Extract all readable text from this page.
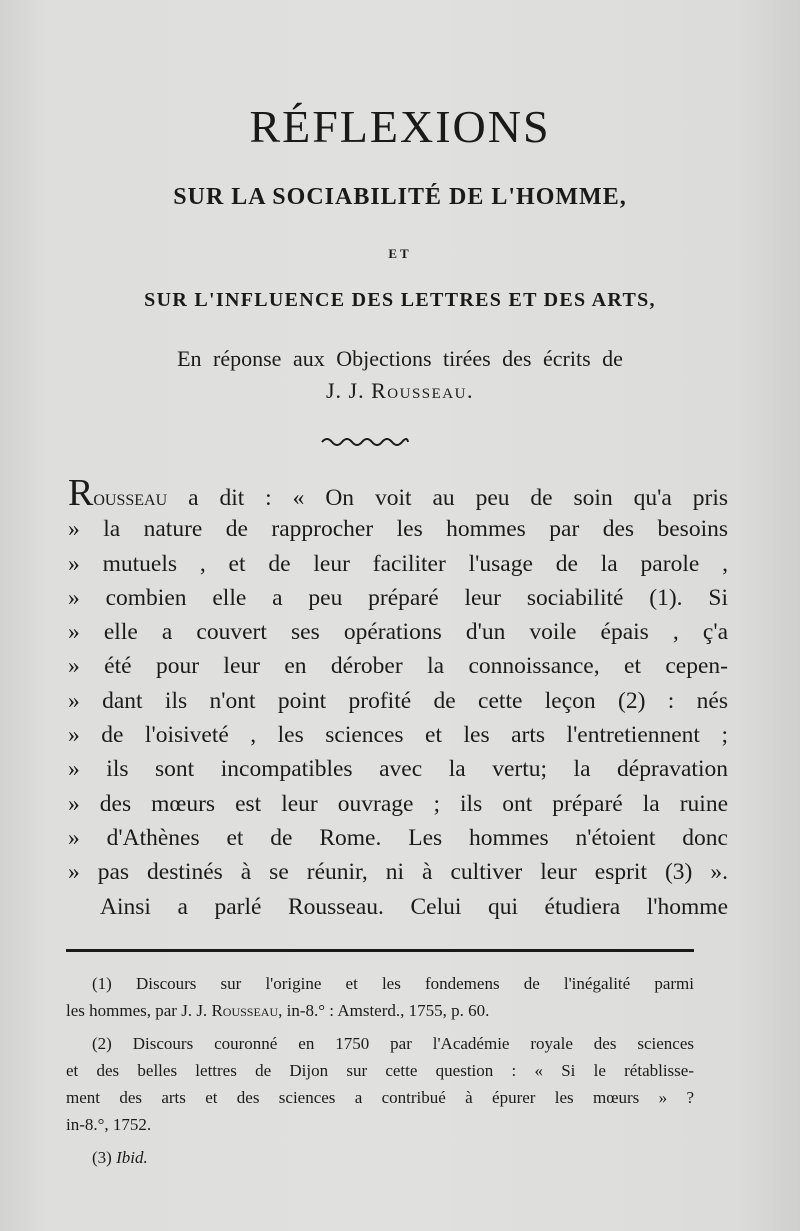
RÉFLEXIONS
SUR LA SOCIABILITÉ DE L'HOMME,
ET
SUR L'INFLUENCE DES LETTRES ET DES ARTS,
En réponse aux Objections tirées des écrits de
J. J. Rousseau.
Rousseau a dit : « On voit au peu de soin qu'a pris
» la nature de rapprocher les hommes par des besoins
» mutuels , et de leur faciliter l'usage de la parole ,
» combien elle a peu préparé leur sociabilité (1). Si
» elle a couvert ses opérations d'un voile épais , ç'a
» été pour leur en dérober la connoissance, et cepen-
» dant ils n'ont point profité de cette leçon (2) : nés
» de l'oisiveté , les sciences et les arts l'entretiennent ;
» ils sont incompatibles avec la vertu; la dépravation
» des mœurs est leur ouvrage ; ils ont préparé la ruine
» d'Athènes et de Rome. Les hommes n'étoient donc
» pas destinés à se réunir, ni à cultiver leur esprit (3) ».
Ainsi a parlé Rousseau. Celui qui étudiera l'homme
(1) Discours sur l'origine et les fondemens de l'inégalité parmi
les hommes, par J. J. Rousseau, in-8.° : Amsterd., 1755, p. 60.
(2) Discours couronné en 1750 par l'Académie royale des sciences
et des belles lettres de Dijon sur cette question : « Si le rétablisse-
ment des arts et des sciences a contribué à épurer les mœurs » ?
in-8.°, 1752.
(3) Ibid.
